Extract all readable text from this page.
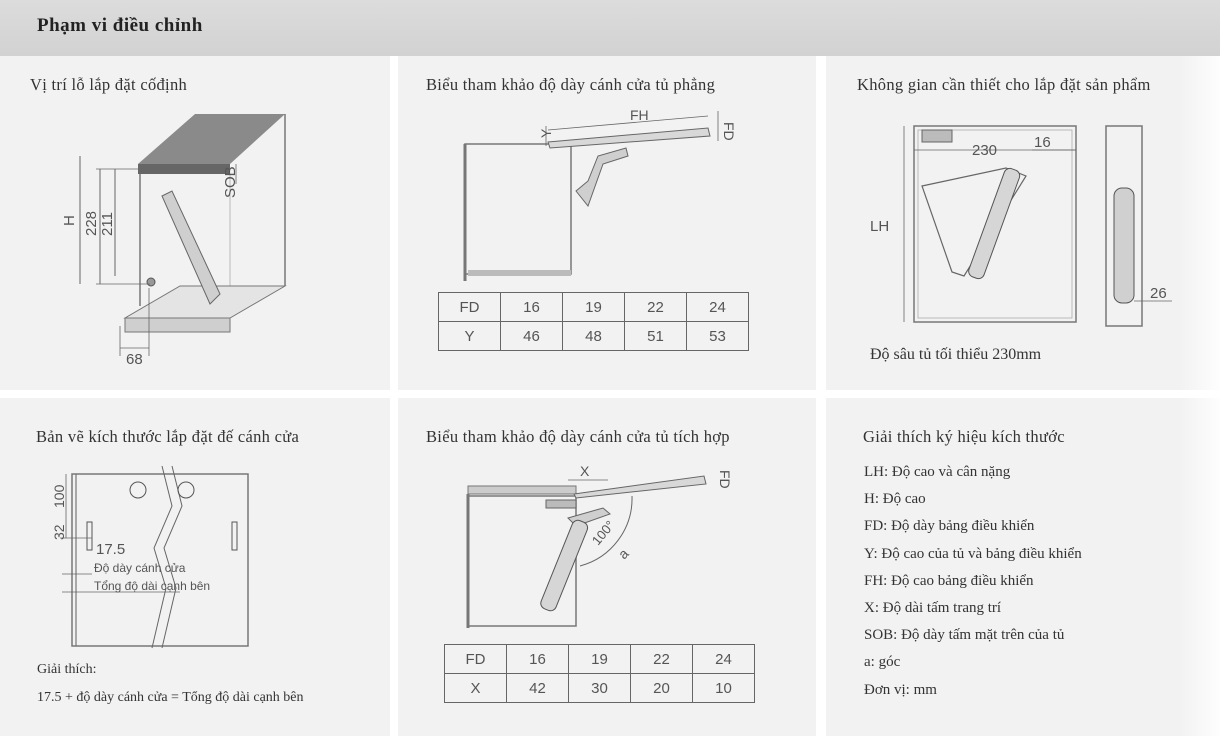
Phạm vi điều chỉnh
Vị trí lỗ lắp đặt cốđịnh
H 228 211
SOB
68
Biểu tham khảo độ dày cánh cửa tủ phẳng
FH
FD
Y
FD	16	19	22	24
Y	46	48	51	53
Không gian cần thiết cho lắp đặt sản phẩm
230 16
LH
26
Độ sâu tủ tối thiểu 230mm
Bản vẽ kích thước lắp đặt đế cánh cửa
100
32
17.5
Độ dày cánh cửa
Tổng độ dài cạnh bên
Giải thích:
17.5 + độ dày cánh cửa = Tổng độ dài cạnh bên
Biểu tham khảo độ dày cánh cửa tủ tích hợp
X	FD
100°
a
FD	16	19	22	24
X	42	30	20	10
Giải thích ký hiệu kích thước
LH: Độ cao và cân nặng
H: Độ cao
FD: Độ dày bảng điều khiển
Y: Độ cao của tủ và bảng điều khiển
FH: Độ cao bảng điều khiển
X: Độ dài tấm trang trí
SOB: Độ dày tấm mặt trên của tủ
a: góc
Đơn vị: mm
